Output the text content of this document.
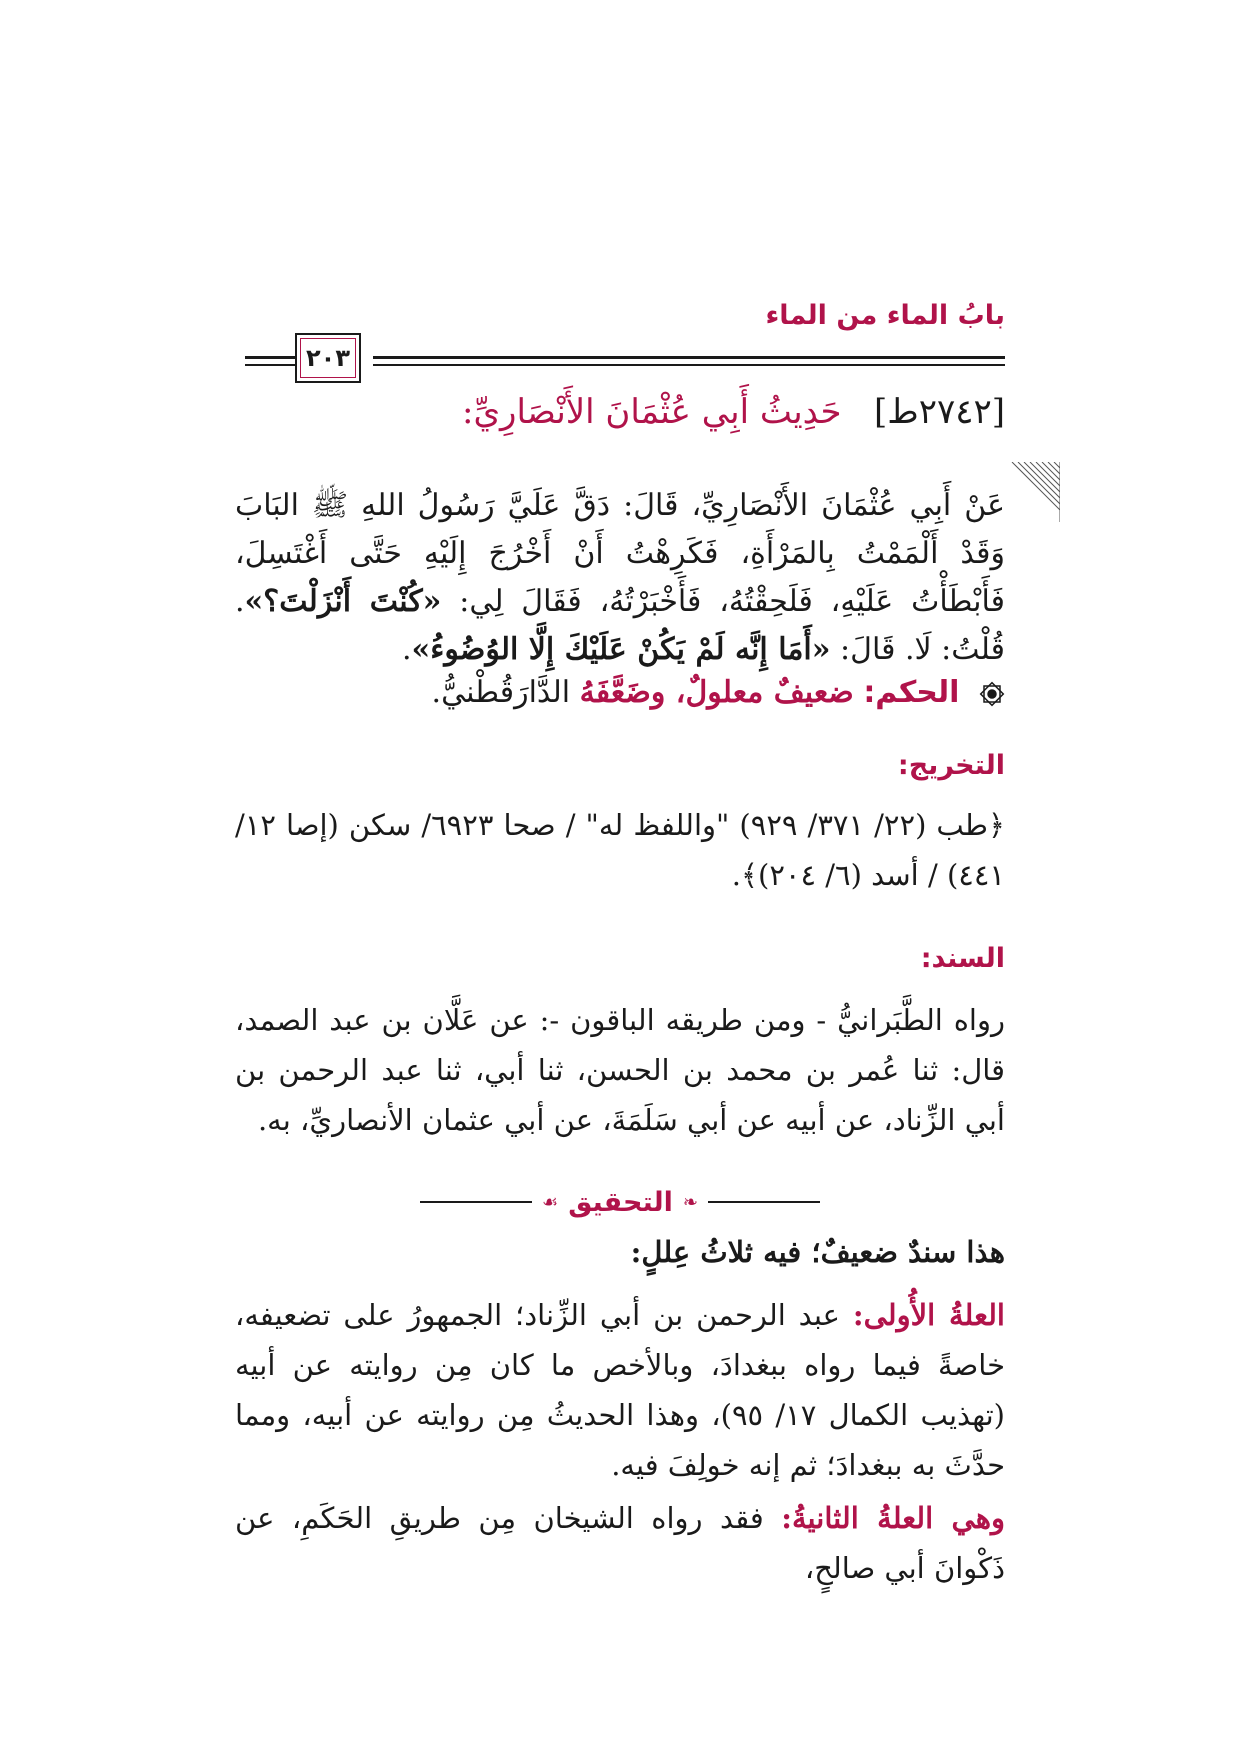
بابُ الماء من الماء
٢٠٣
[٢٧٤٢ط]   حَدِيثُ أَبِي عُثْمَانَ الأَنْصَارِيِّ:
عَنْ أَبِي عُثْمَانَ الأَنْصَارِيِّ، قَالَ: دَقَّ عَلَيَّ رَسُولُ اللهِ ﷺ البَابَ وَقَدْ أَلْمَمْتُ بِالمَرْأَةِ، فَكَرِهْتُ أَنْ أَخْرُجَ إِلَيْهِ حَتَّى أَغْتَسِلَ، فَأَبْطَأْتُ عَلَيْهِ، فَلَحِقْتُهُ، فَأَخْبَرْتُهُ، فَقَالَ لِي: «كُنْتَ أَنْزَلْتَ؟». قُلْتُ: لَا. قَالَ: «أَمَا إِنَّه لَمْ يَكُنْ عَلَيْكَ إِلَّا الوُضُوءُ».
الحكم: ضعيفٌ معلولٌ، وضَعَّفَهُ الدَّارَقُطْنيُّ.
التخريج:
﴿طب (٢٢/ ٣٧١/ ٩٢٩) "واللفظ له" / صحا ٦٩٢٣/ سكن (إصا ١٢/ ٤٤١) / أسد (٦/ ٢٠٤)﴾.
السند:
رواه الطَّبَرانيُّ - ومن طريقه الباقون -: عن عَلَّان بن عبد الصمد، قال: ثنا عُمر بن محمد بن الحسن، ثنا أبي، ثنا عبد الرحمن بن أبي الزِّناد، عن أبيه عن أبي سَلَمَةَ، عن أبي عثمان الأنصاريِّ، به.
❧
التحقيق
☙
هذا سندٌ ضعيفٌ؛ فيه ثلاثُ عِللٍ:
العلةُ الأُولى: عبد الرحمن بن أبي الزِّناد؛ الجمهورُ على تضعيفه، خاصةً فيما رواه ببغدادَ، وبالأخص ما كان مِن روايته عن أبيه (تهذيب الكمال ١٧/ ٩٥)، وهذا الحديثُ مِن روايته عن أبيه، ومما حدَّثَ به ببغدادَ؛ ثم إنه خولِفَ فيه.
وهي العلةُ الثانيةُ: فقد رواه الشيخان مِن طريقِ الحَكَمِ، عن ذَكْوانَ أبي صالحٍ،
